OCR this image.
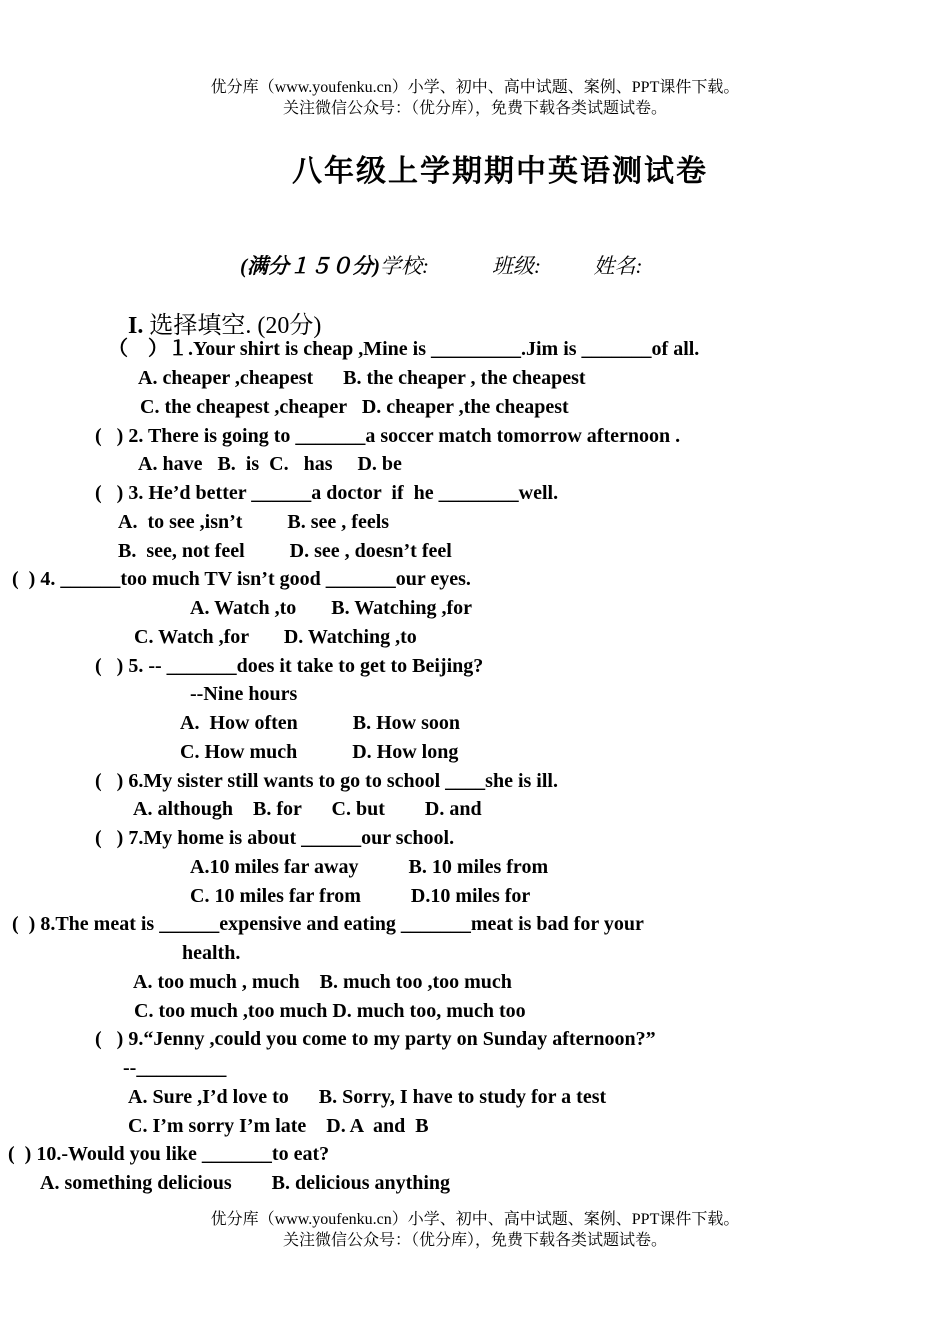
优分库（www.youfenku.cn）小学、初中、高中试题、案例、PPT课件下载。
关注微信公众号：（优分库），免费下载各类试题试卷。
八年级上学期期中英语测试卷
(满分１５０分)学校:            班级:          姓名:
I. 选择填空. (20分)
（    ）１.Your shirt is cheap ,Mine is _________.Jim is _______of all.
A. cheaper ,cheapest      B. the cheaper , the cheapest
C. the cheapest ,cheaper   D. cheaper ,the cheapest
(   ) 2. There is going to _______a soccer match tomorrow afternoon .
A. have   B.  is  C.   has     D. be
(   ) 3. He’d better ______a doctor  if  he ________well.
A.  to see ,isn’t         B. see , feels
B.  see, not feel         D. see , doesn’t feel
(  ) 4. ______too much TV isn’t good _______our eyes.
A. Watch ,to       B. Watching ,for
C. Watch ,for       D. Watching ,to
(   ) 5. -- _______does it take to get to Beijing?
--Nine hours
A.  How often           B. How soon
C. How much           D. How long
(   ) 6.My sister still wants to go to school ____she is ill.
A. although    B. for      C. but        D. and
(   ) 7.My home is about ______our school.
A.10 miles far away          B. 10 miles from
C. 10 miles far from          D.10 miles for
(  ) 8.The meat is ______expensive and eating _______meat is bad for your
health.
A. too much , much    B. much too ,too much
C. too much ,too much D. much too, much too
(   ) 9.“Jenny ,could you come to my party on Sunday afternoon?”
--_________
A. Sure ,I’d love to      B. Sorry, I have to study for a test
C. I’m sorry I’m late    D. A  and  B
(  ) 10.-Would you like _______to eat?
A. something delicious        B. delicious anything
优分库（www.youfenku.cn）小学、初中、高中试题、案例、PPT课件下载。
关注微信公众号：（优分库），免费下载各类试题试卷。
